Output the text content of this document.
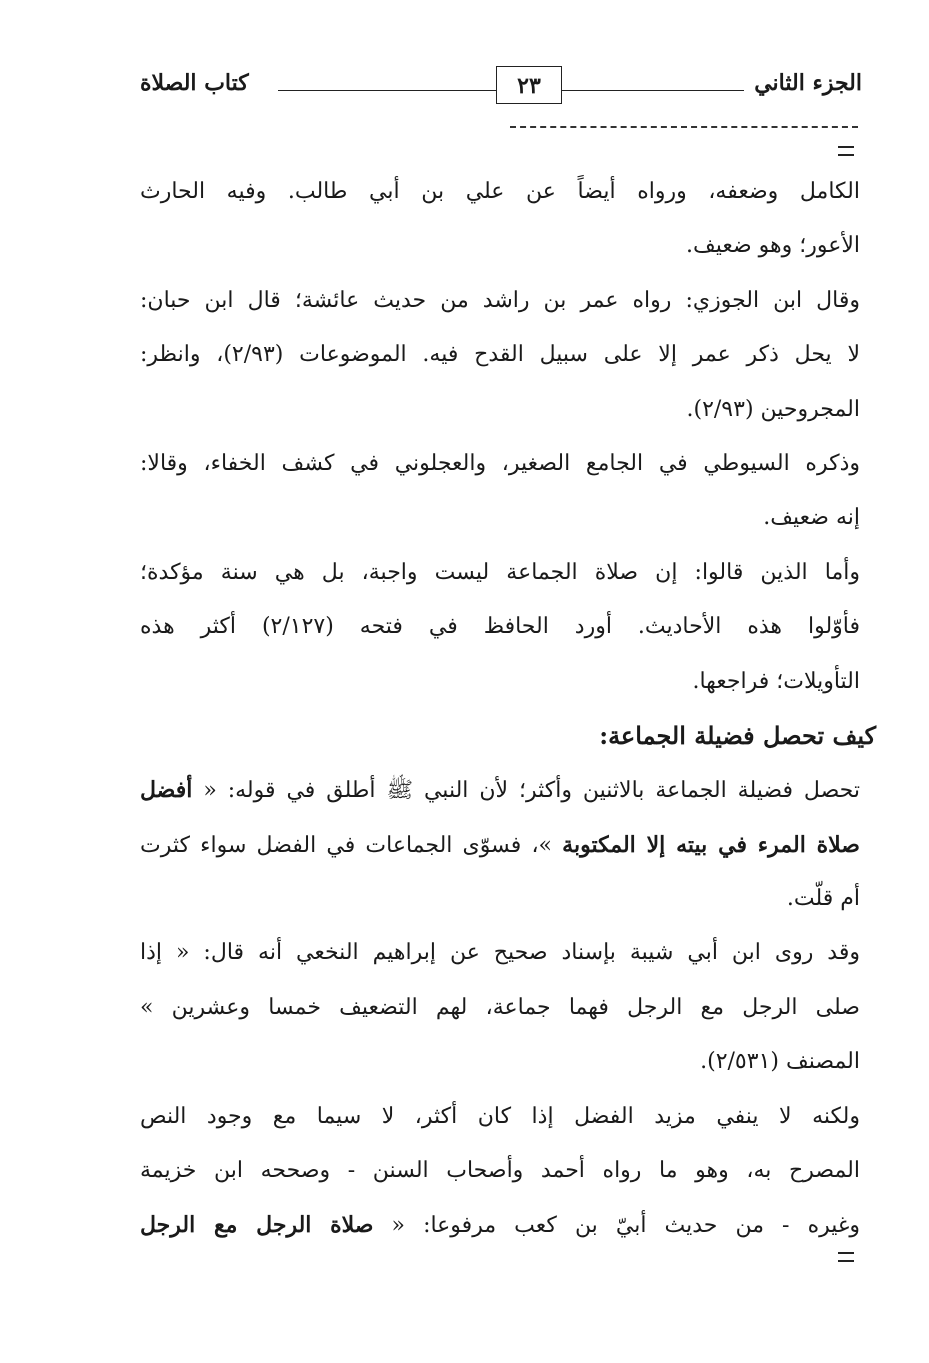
الجزء الثاني
٢٣
كتاب الصلاة
الكامل وضعفه، ورواه أيضاً عن علي بن أبي طالب. وفيه الحارث
الأعور؛ وهو ضعيف.
وقال ابن الجوزي: رواه عمر بن راشد من حديث عائشة؛ قال ابن حبان:
لا يحل ذكر عمر إلا على سبيل القدح فيه. الموضوعات (٢/٩٣)، وانظر:
المجروحين (٢/٩٣).
وذكره السيوطي في الجامع الصغير، والعجلوني في كشف الخفاء، وقالا:
إنه ضعيف.
وأما الذين قالوا: إن صلاة الجماعة ليست واجبة، بل هي سنة مؤكدة؛
فأوّلوا هذه الأحاديث. أورد الحافظ في فتحه (٢/١٢٧) أكثر هذه
التأويلات؛ فراجعها.
كيف تحصل فضيلة الجماعة:
تحصل فضيلة الجماعة بالاثنين وأكثر؛ لأن النبي ﷺ أطلق في قوله: « أفضل
صلاة المرء في بيته إلا المكتوبة »، فسوّى الجماعات في الفضل سواء كثرت
أم قلّت.
وقد روى ابن أبي شيبة بإسناد صحيح عن إبراهيم النخعي أنه قال: « إذا
صلى الرجل مع الرجل فهما جماعة، لهم التضعيف خمسا وعشرين »
المصنف (٢/٥٣١).
ولكنه لا ينفي مزيد الفضل إذا كان أكثر، لا سيما مع وجود النص
المصرح به، وهو ما رواه أحمد وأصحاب السنن - وصححه ابن خزيمة
وغيره - من حديث أبيّ بن كعب مرفوعا: « صلاة الرجل مع الرجل
